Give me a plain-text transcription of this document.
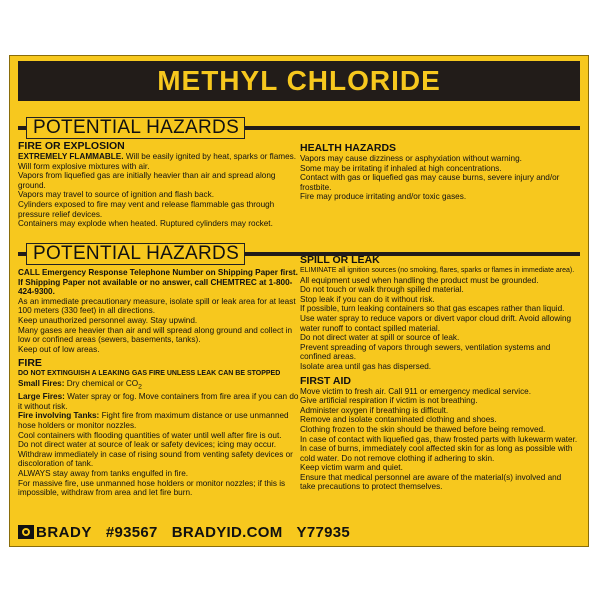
METHYL CHLORIDE
POTENTIAL HAZARDS

FIRE OR EXPLOSION

EXTREMELY FLAMMABLE. Will be easily ignited by heat, sparks or flames. Will form explosive mixtures with air.

Vapors from liquefied gas are initially heavier than air and spread along ground.

Vapors may travel to source of ignition and flash back.

Cylinders exposed to fire may vent and release flammable gas through pressure relief devices.

Containers may explode when heated. Ruptured cylinders may rocket.

HEALTH HAZARDS

Vapors may cause dizziness or asphyxiation without warning.

Some may be irritating if inhaled at high concentrations.

Contact with gas or liquefied gas may cause burns, severe injury and/or frostbite.

Fire may produce irritating and/or toxic gases.

POTENTIAL HAZARDS

CALL Emergency Response Telephone Number on Shipping Paper first. If Shipping Paper not available or no answer, call CHEMTREC at 1-800-424-9300.

As an immediate precautionary measure, isolate spill or leak area for at least 100 meters (330 feet) in all directions.

Keep unauthorized personnel away. Stay upwind.

Many gases are heavier than air and will spread along ground and collect in low or confined areas (sewers, basements, tanks).

Keep out of low areas.

FIRE

DO NOT EXTINGUISH A LEAKING GAS FIRE UNLESS LEAK CAN BE STOPPED

Small Fires: Dry chemical or $CO_2$

Large Fires: Water spray or fog. Move containers from fire area if you can do it without risk.

Fire involving Tanks: Fight fire from maximum distance or use unmanned hose holders or monitor nozzles.

Cool containers with flooding quantities of water until well after fire is out.

Do not direct water at source of leak or safety devices; icing may occur.

Withdraw immediately in case of rising sound from venting safety devices or discoloration of tank.

ALWAYS stay away from tanks engulfed in fire.

For massive fire, use unmanned hose holders or monitor nozzles; if this is impossible, withdraw from area and let fire burn.

SPILL OR LEAK

ELIMINATE all ignition sources (no smoking, flares, sparks or flames in immediate area).

All equipment used when handling the product must be grounded.

Do not touch or walk through spilled material.

Stop leak if you can do it without risk.

If possible, turn leaking containers so that gas escapes rather than liquid.

Use water spray to reduce vapors or divert vapor cloud drift. Avoid allowing water runoff to contact spilled material.

Do not direct water at spill or source of leak.

Prevent spreading of vapors through sewers, ventilation systems and confined areas.

Isolate area until gas has dispersed.

FIRST AID

Move victim to fresh air. Call 911 or emergency medical service.

Give artificial respiration if victim is not breathing.

Administer oxygen if breathing is difficult.

Remove and isolate contaminated clothing and shoes.

Clothing frozen to the skin should be thawed before being removed.

In case of contact with liquefied gas, thaw frosted parts with lukewarm water.

In case of burns, immediately cool affected skin for as long as possible with cold water. Do not remove clothing if adhering to skin.

Keep victim warm and quiet.

Ensure that medical personnel are aware of the material(s) involved and take precautions to protect themselves.

BRADY #93567 BRADYID.COM Y77935
